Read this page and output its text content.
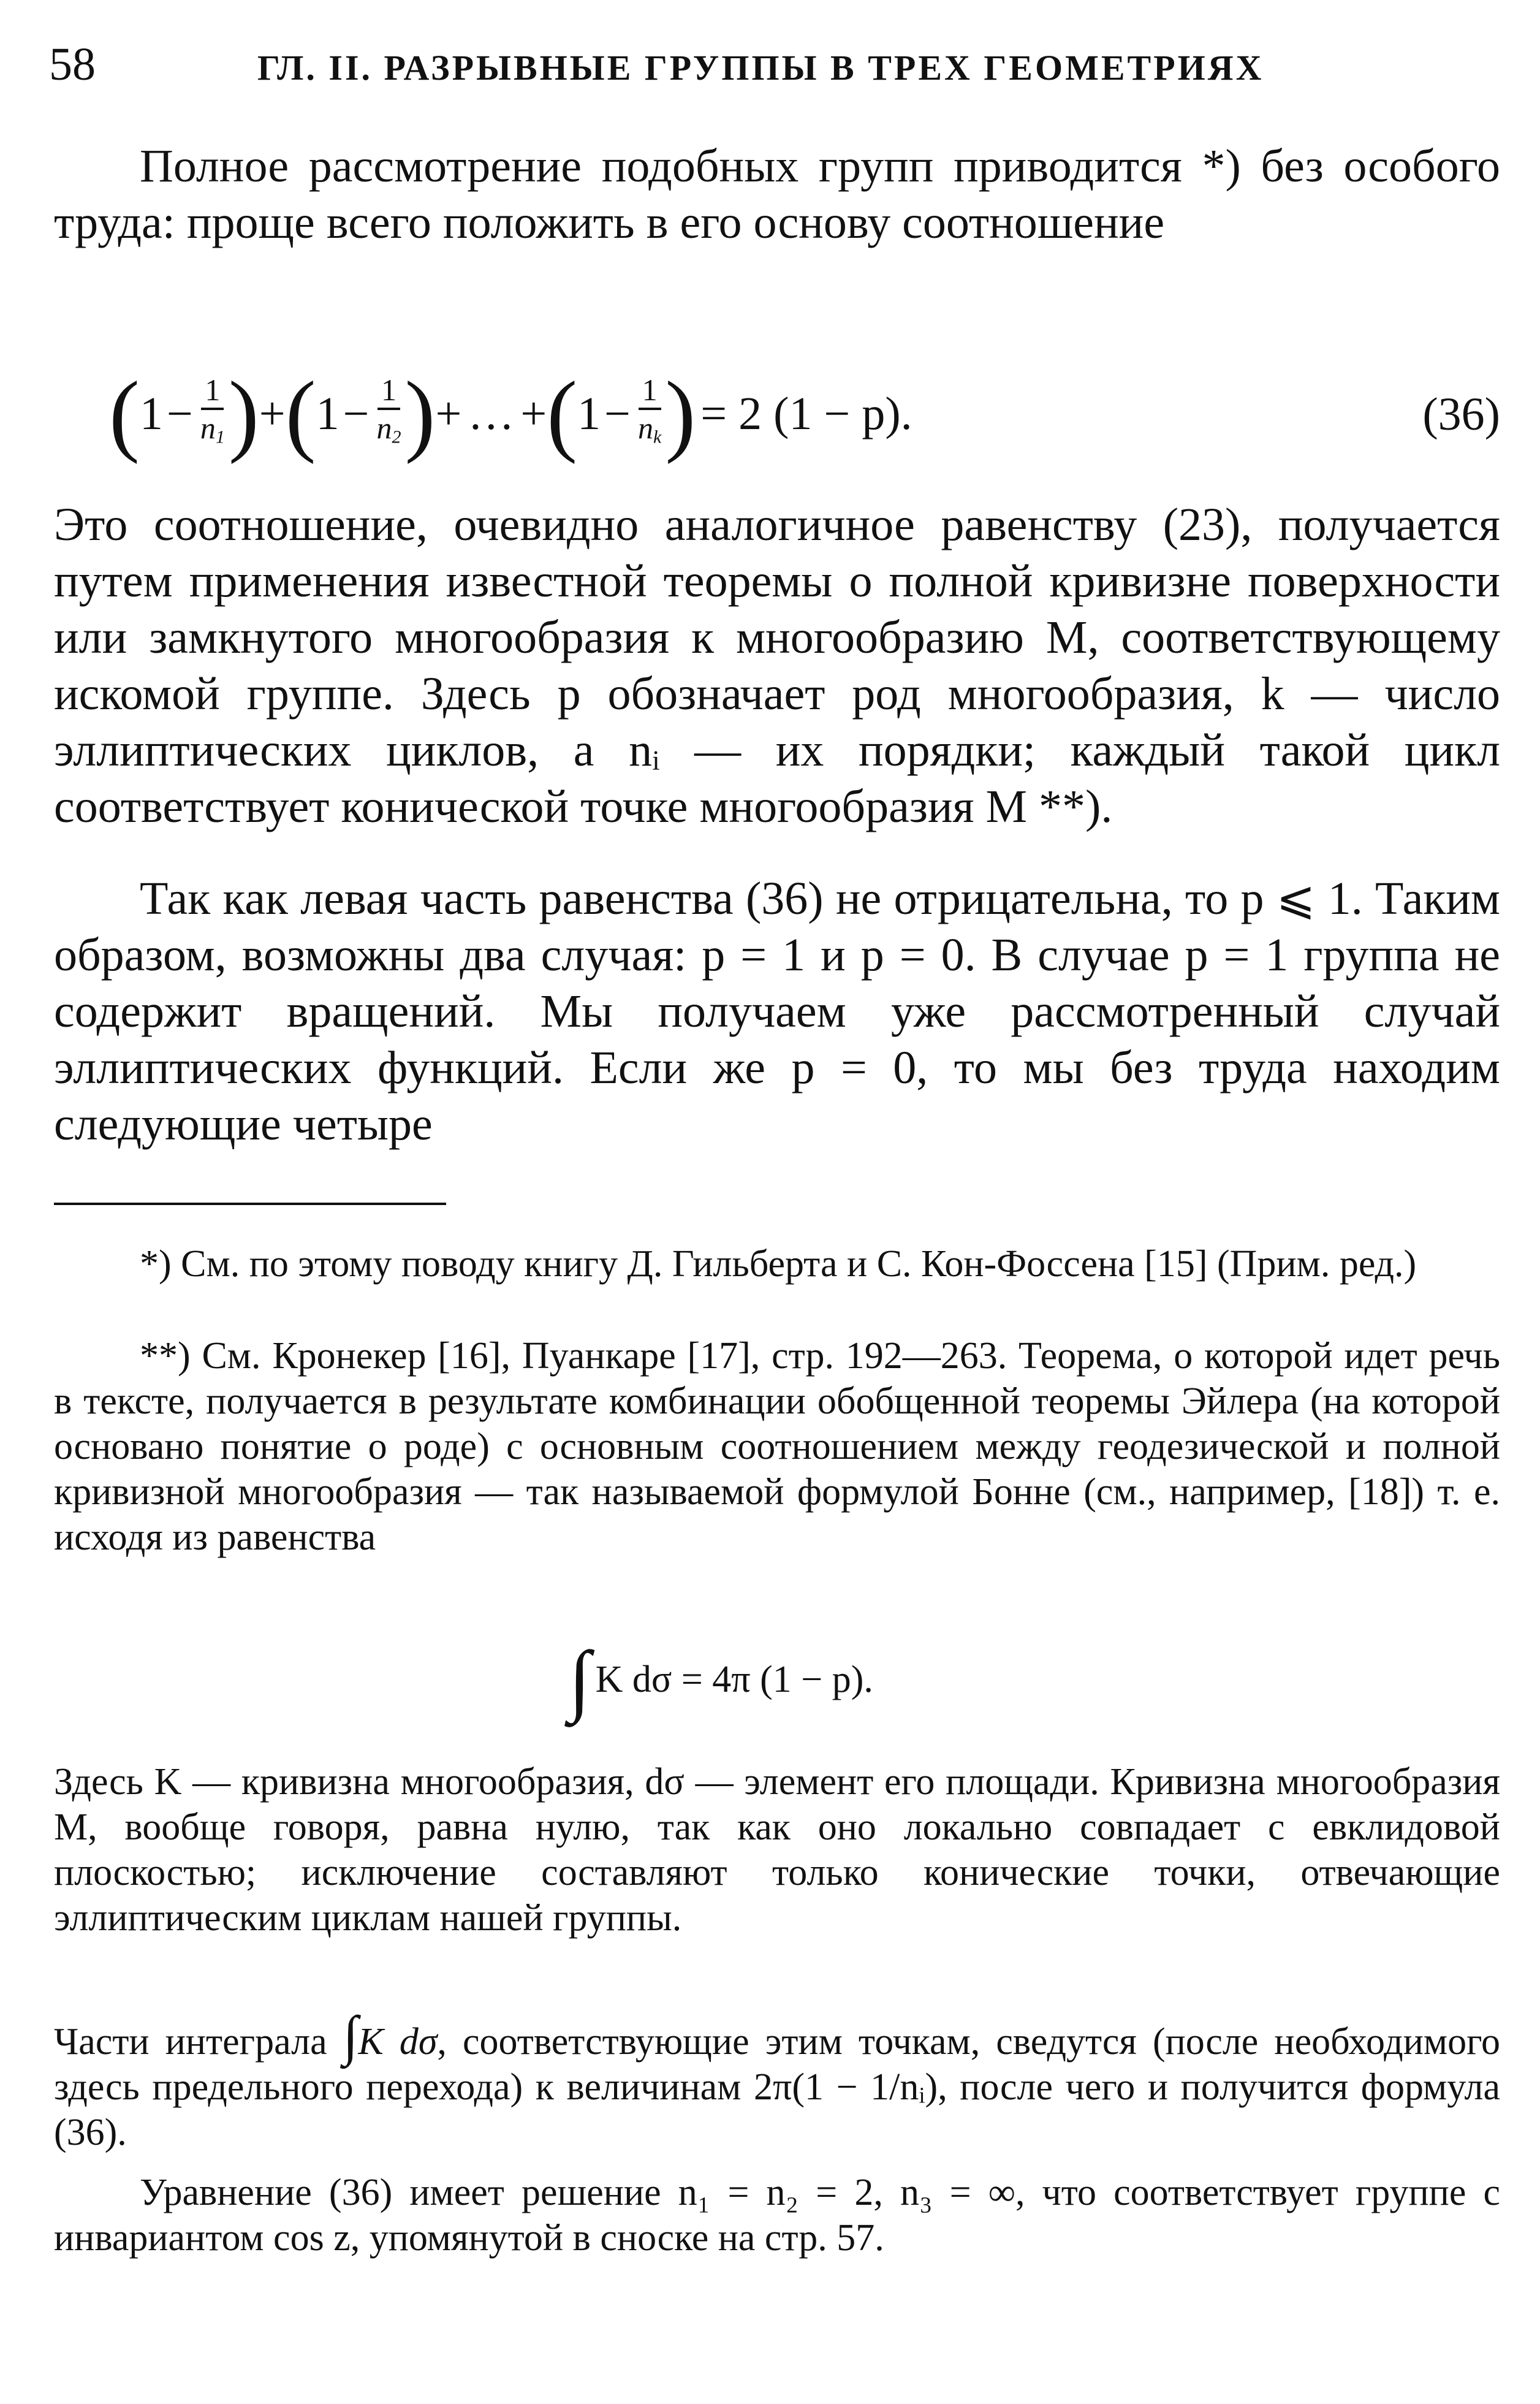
58	ГЛ. II. РАЗРЫВНЫЕ ГРУППЫ В ТРЕХ ГЕОМЕТРИЯХ

Полное рассмотрение подобных групп приводится *) без особого труда: проще всего положить в его основу соотношение

( $1 - \frac{1}{n_1}$ ) + ( $1 - \frac{1}{n_2}$ ) + … + ( $1 - \frac{1}{n_k}$ ) = 2 (1 − p).	(36)

Это соотношение, очевидно аналогичное равенству (23), получается путем применения известной теоремы о полной кривизне поверхности или замкнутого многообразия к многообразию M, соответствующему искомой группе. Здесь p обозначает род многообразия, k — число эллиптических циклов, а nᵢ — их порядки; каждый такой цикл соответствует конической точке многообразия M **).

Так как левая часть равенства (36) не отрицательна, то p ⩽ 1. Таким образом, возможны два случая: p = 1 и p = 0. В случае p = 1 группа не содержит вращений. Мы получаем уже рассмотренный случай эллиптических функций. Если же p = 0, то мы без труда находим следующие четыре

*) См. по этому поводу книгу Д. Гильберта и С. Кон-Фоссена [15] (Прим. ред.)

**) См. Кронекер [16], Пуанкаре [17], стр. 192—263. Теорема, о которой идет речь в тексте, получается в результате комбинации обобщенной теоремы Эйлера (на которой основано понятие о роде) с основным соотношением между геодезической и полной кривизной многообразия — так называемой формулой Бонне (см., например, [18]) т. е. исходя из равенства

∫ K dσ = 4π (1 − p).

Здесь K — кривизна многообразия, dσ — элемент его площади. Кривизна многообразия M, вообще говоря, равна нулю, так как оно локально совпадает с евклидовой плоскостью; исключение составляют только конические точки, отвечающие эллиптическим циклам нашей группы.

Части интеграла ∫K dσ, соответствующие этим точкам, сведутся (после необходимого здесь предельного перехода) к величинам 2π(1 − 1/nᵢ), после чего и получится формула (36).

Уравнение (36) имеет решение n₁ = n₂ = 2, n₃ = ∞, что соответствует группе с инвариантом cos z, упомянутой в сноске на стр. 57.
